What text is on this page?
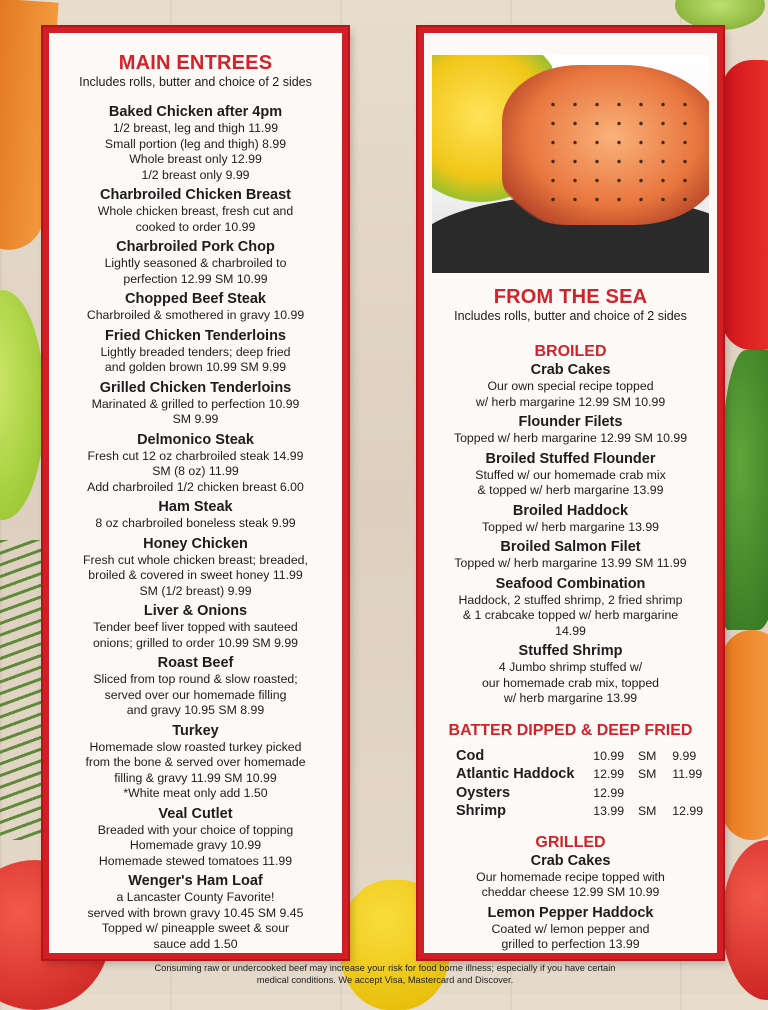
MAIN ENTREES
Includes rolls, butter and choice of 2 sides
Baked Chicken after 4pm
1/2 breast, leg and thigh 11.99
Small portion (leg and thigh) 8.99
Whole breast only 12.99
1/2 breast only 9.99
Charbroiled Chicken Breast
Whole chicken breast, fresh cut and
cooked to order 10.99
Charbroiled Pork Chop
Lightly seasoned & charbroiled to
perfection 12.99 SM 10.99
Chopped Beef Steak
Charbroiled & smothered in gravy 10.99
Fried Chicken Tenderloins
Lightly breaded tenders; deep fried
and golden brown 10.99 SM 9.99
Grilled Chicken Tenderloins
Marinated & grilled to perfection 10.99
SM 9.99
Delmonico Steak
Fresh cut 12 oz charbroiled steak 14.99
SM (8 oz) 11.99
Add charbroiled 1/2 chicken breast 6.00
Ham Steak
8 oz charbroiled boneless steak 9.99
Honey Chicken
Fresh cut whole chicken breast; breaded,
broiled & covered in sweet honey 11.99
SM (1/2 breast) 9.99
Liver & Onions
Tender beef liver topped with sauteed
onions; grilled to order 10.99 SM 9.99
Roast Beef
Sliced from top round & slow roasted;
served over our homemade filling
and gravy 10.95 SM 8.99
Turkey
Homemade slow roasted turkey picked
from the bone & served over homemade
filling & gravy 11.99 SM 10.99
*White meat only add 1.50
Veal Cutlet
Breaded with your choice of topping
Homemade gravy 10.99
Homemade stewed tomatoes 11.99
Wenger's Ham Loaf
a Lancaster County Favorite!
served with brown gravy 10.45 SM 9.45
Topped w/ pineapple sweet & sour
sauce add 1.50
FROM THE SEA
Includes rolls, butter and choice of 2 sides
BROILED
Crab Cakes
Our own special recipe topped
w/ herb margarine 12.99 SM 10.99
Flounder Filets
Topped w/ herb margarine 12.99 SM 10.99
Broiled Stuffed Flounder
Stuffed w/ our homemade crab mix
& topped w/ herb margarine 13.99
Broiled Haddock
Topped w/ herb margarine 13.99
Broiled Salmon Filet
Topped w/ herb margarine 13.99 SM 11.99
Seafood Combination
Haddock, 2 stuffed shrimp, 2 fried shrimp
& 1 crabcake topped w/ herb margarine
14.99
Stuffed Shrimp
4 Jumbo shrimp stuffed w/
our homemade crab mix, topped
w/ herb margarine 13.99
BATTER DIPPED & DEEP FRIED
Cod	10.99	SM	9.99
Atlantic Haddock	12.99	SM	11.99
Oysters	12.99		
Shrimp	13.99	SM	12.99
GRILLED
Crab Cakes
Our homemade recipe topped with
cheddar cheese 12.99 SM 10.99
Lemon Pepper Haddock
Coated w/ lemon pepper and
grilled to perfection 13.99
Consuming raw or undercooked beef may increase your risk for food borne illness; especially if you have certain
medical conditions. We accept Visa, Mastercard and Discover.
